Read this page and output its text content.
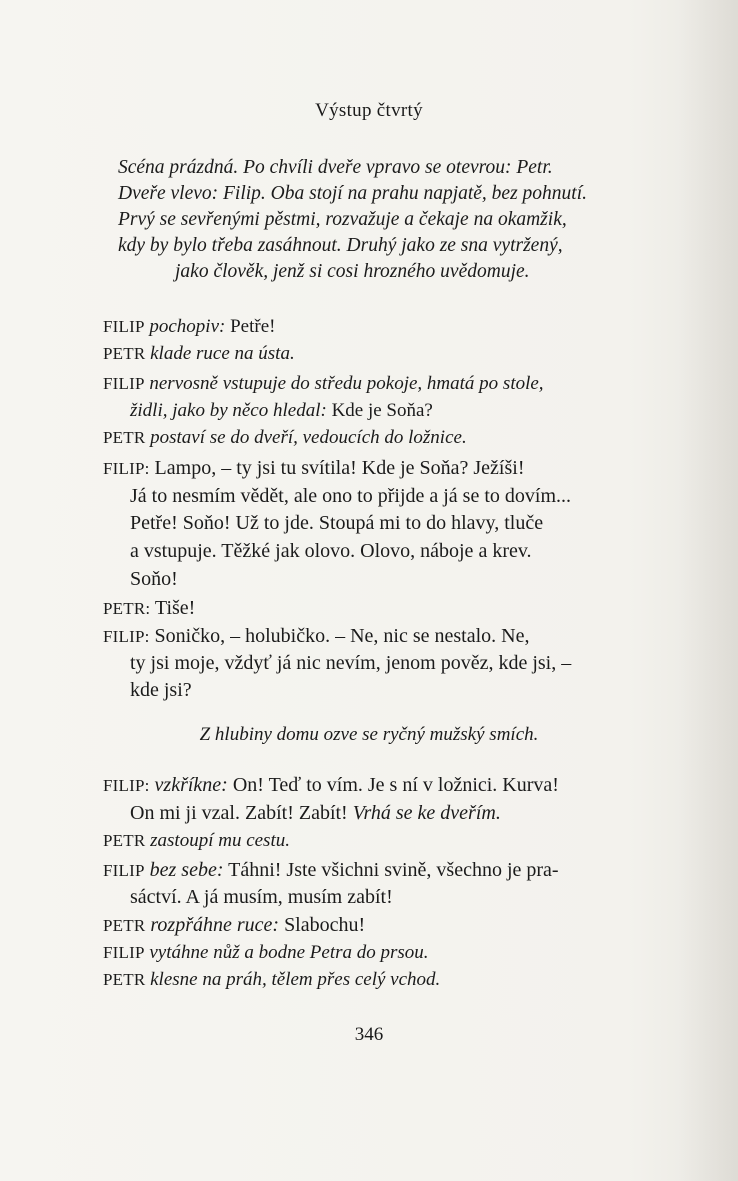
Výstup čtvrtý
Scéna prázdná. Po chvíli dveře vpravo se otevrou: Petr.
Dveře vlevo: Filip. Oba stojí na prahu napjatě, bez pohnutí.
Prvý se sevřenými pěstmi, rozvažuje a čekaje na okamžik,
kdy by bylo třeba zasáhnout. Druhý jako ze sna vytržený,
jako člověk, jenž si cosi hrozného uvědomuje.
FILIP pochopiv: Petře!
PETR klade ruce na ústa.
FILIP nervosně vstupuje do středu pokoje, hmatá po stole,
židli, jako by něco hledal: Kde je Soňa?
PETR postaví se do dveří, vedoucích do ložnice.
FILIP: Lampo, – ty jsi tu svítila! Kde je Soňa? Ježíši!
Já to nesmím vědět, ale ono to přijde a já se to dovím...
Petře! Soňo! Už to jde. Stoupá mi to do hlavy, tluče
a vstupuje. Těžké jak olovo. Olovo, náboje a krev.
Soňo!
PETR: Tiše!
FILIP: Soničko, – holubičko. – Ne, nic se nestalo. Ne,
ty jsi moje, vždyť já nic nevím, jenom pověz, kde jsi, –
kde jsi?
Z hlubiny domu ozve se ryčný mužský smích.
FILIP: vzkříkne: On! Teď to vím. Je s ní v ložnici. Kurva!
On mi ji vzal. Zabít! Zabít! Vrhá se ke dveřím.
PETR zastoupí mu cestu.
FILIP bez sebe: Táhni! Jste všichni svině, všechno je pra-
sáctví. A já musím, musím zabít!
PETR rozpřáhne ruce: Slabochu!
FILIP vytáhne nůž a bodne Petra do prsou.
PETR klesne na práh, tělem přes celý vchod.
346
